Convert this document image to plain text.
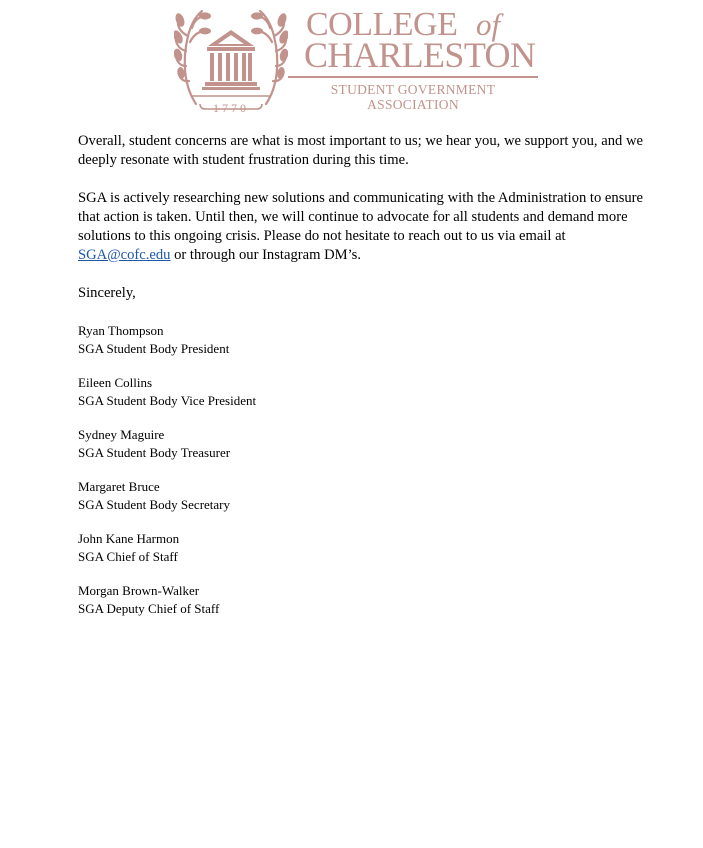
1770
COLLEGE of
CHARLESTON
STUDENT GOVERNMENT
ASSOCIATION

Overall, student concerns are what is most important to us; we hear you, we support you, and we deeply resonate with student frustration during this time.

SGA is actively researching new solutions and communicating with the Administration to ensure that action is taken. Until then, we will continue to advocate for all students and demand more solutions to this ongoing crisis. Please do not hesitate to reach out to us via email at SGA@cofc.edu or through our Instagram DM’s.

Sincerely,

Ryan Thompson
SGA Student Body President
Eileen Collins
SGA Student Body Vice President
Sydney Maguire
SGA Student Body Treasurer
Margaret Bruce
SGA Student Body Secretary
John Kane Harmon
SGA Chief of Staff
Morgan Brown-Walker
SGA Deputy Chief of Staff
